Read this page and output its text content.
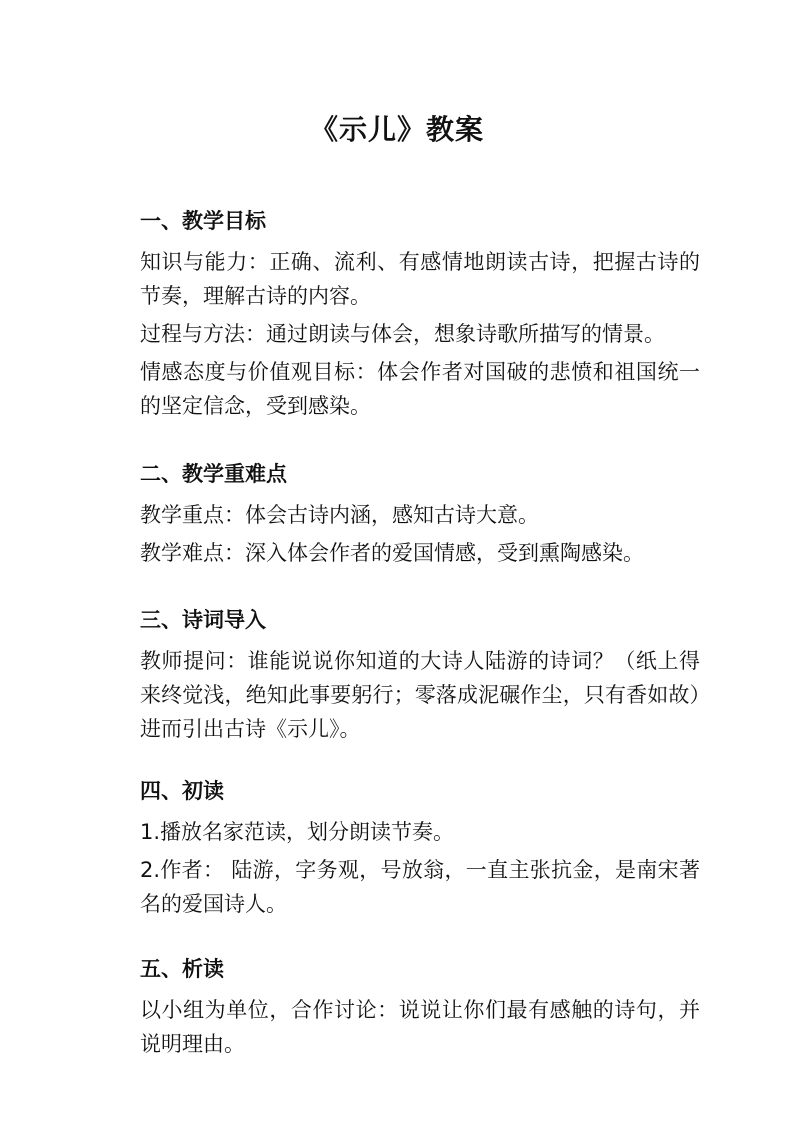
《示儿》教案
一、教学目标

知识与能力：正确、流利、有感情地朗读古诗，把握古诗的节奏，理解古诗的内容。

过程与方法：通过朗读与体会，想象诗歌所描写的情景。

情感态度与价值观目标：体会作者对国破的悲愤和祖国统一的坚定信念，受到感染。

二、教学重难点

教学重点：体会古诗内涵，感知古诗大意。

教学难点：深入体会作者的爱国情感，受到熏陶感染。

三、诗词导入

教师提问：谁能说说你知道的大诗人陆游的诗词？（纸上得来终觉浅，绝知此事要躬行；零落成泥碾作尘，只有香如故）进而引出古诗《示儿》。

四、初读

1.播放名家范读，划分朗读节奏。

2.作者： 陆游，字务观，号放翁，一直主张抗金，是南宋著名的爱国诗人。

五、析读

以小组为单位，合作讨论：说说让你们最有感触的诗句，并说明理由。
